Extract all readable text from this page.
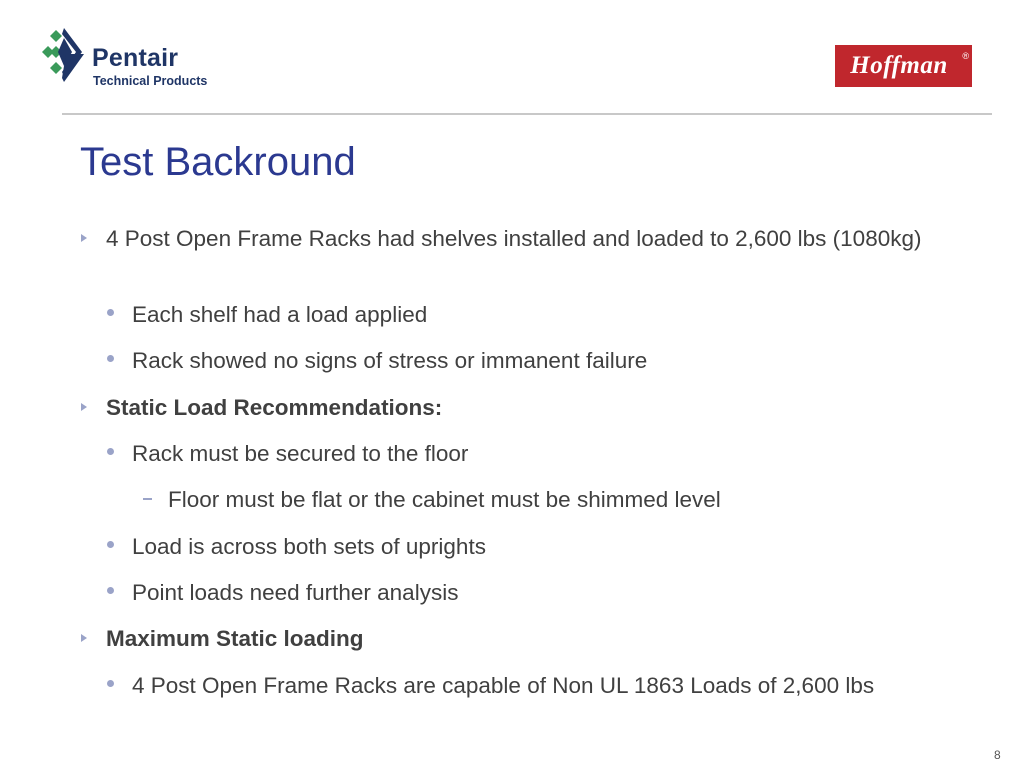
Pentair
Technical Products
Hoffman	®
Test Backround
4 Post Open Frame Racks had shelves installed and loaded to 2,600 lbs (1080kg)
Each shelf had a load applied
Rack showed no signs of stress or immanent failure
Static Load Recommendations:
Rack must be secured to the floor
Floor must be flat or the cabinet must be shimmed level
Load is across both sets of uprights
Point loads need further analysis
Maximum Static loading
4 Post Open Frame Racks are capable of Non UL 1863 Loads of 2,600 lbs
8
